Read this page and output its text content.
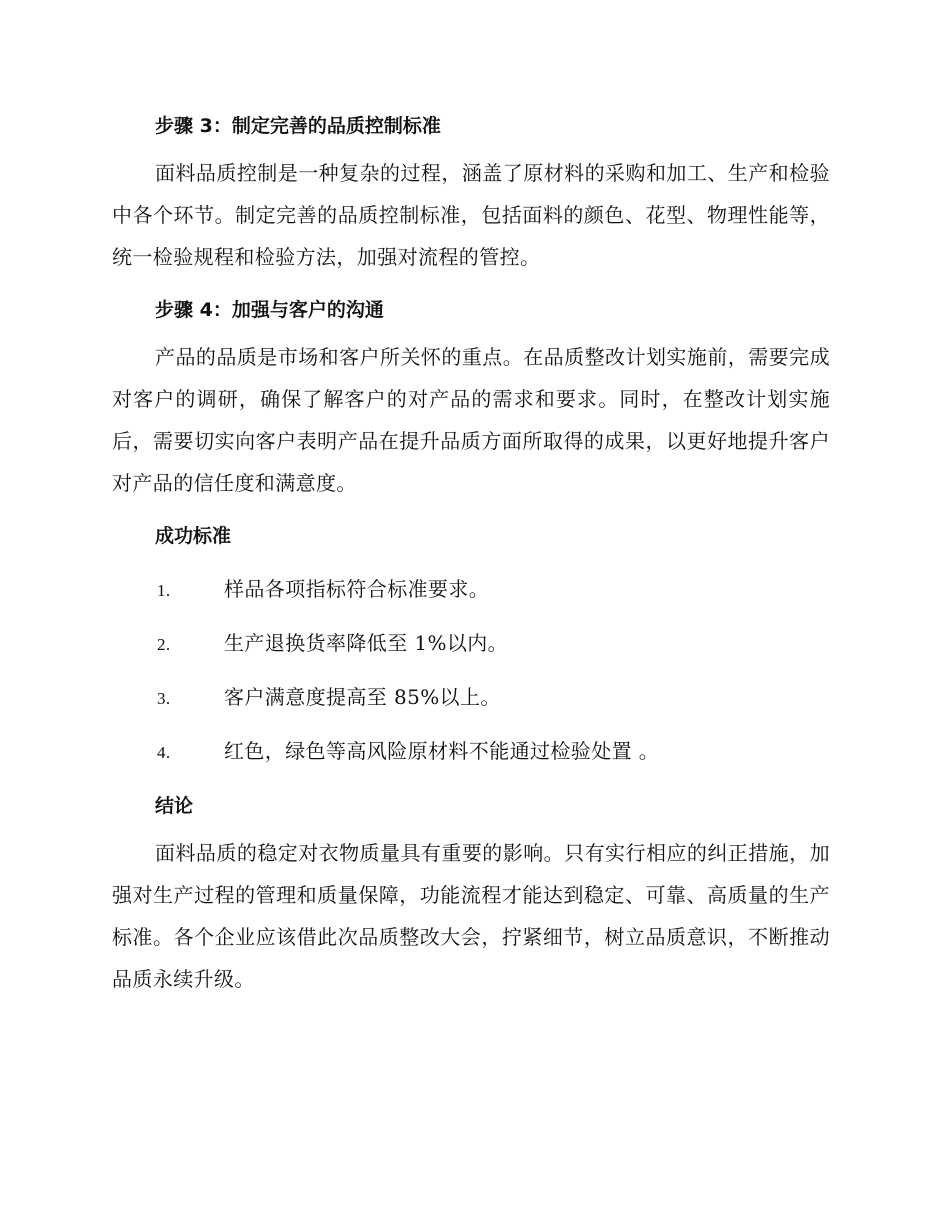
步骤 3：制定完善的品质控制标准

面料品质控制是一种复杂的过程，涵盖了原材料的采购和加工、生产和检验中各个环节。制定完善的品质控制标准，包括面料的颜色、花型、物理性能等，统一检验规程和检验方法，加强对流程的管控。

步骤 4：加强与客户的沟通

产品的品质是市场和客户所关怀的重点。在品质整改计划实施前，需要完成对客户的调研，确保了解客户的对产品的需求和要求。同时，在整改计划实施后，需要切实向客户表明产品在提升品质方面所取得的成果，以更好地提升客户对产品的信任度和满意度。

成功标准
1.	样品各项指标符合标准要求。
2.	生产退换货率降低至 1%以内。
3.	客户满意度提高至 85%以上。
4.	红色，绿色等高风险原材料不能通过检验处置 。
结论

面料品质的稳定对衣物质量具有重要的影响。只有实行相应的纠正措施，加强对生产过程的管理和质量保障，功能流程才能达到稳定、可靠、高质量的生产标准。各个企业应该借此次品质整改大会，拧紧细节，树立品质意识，不断推动品质永续升级。
